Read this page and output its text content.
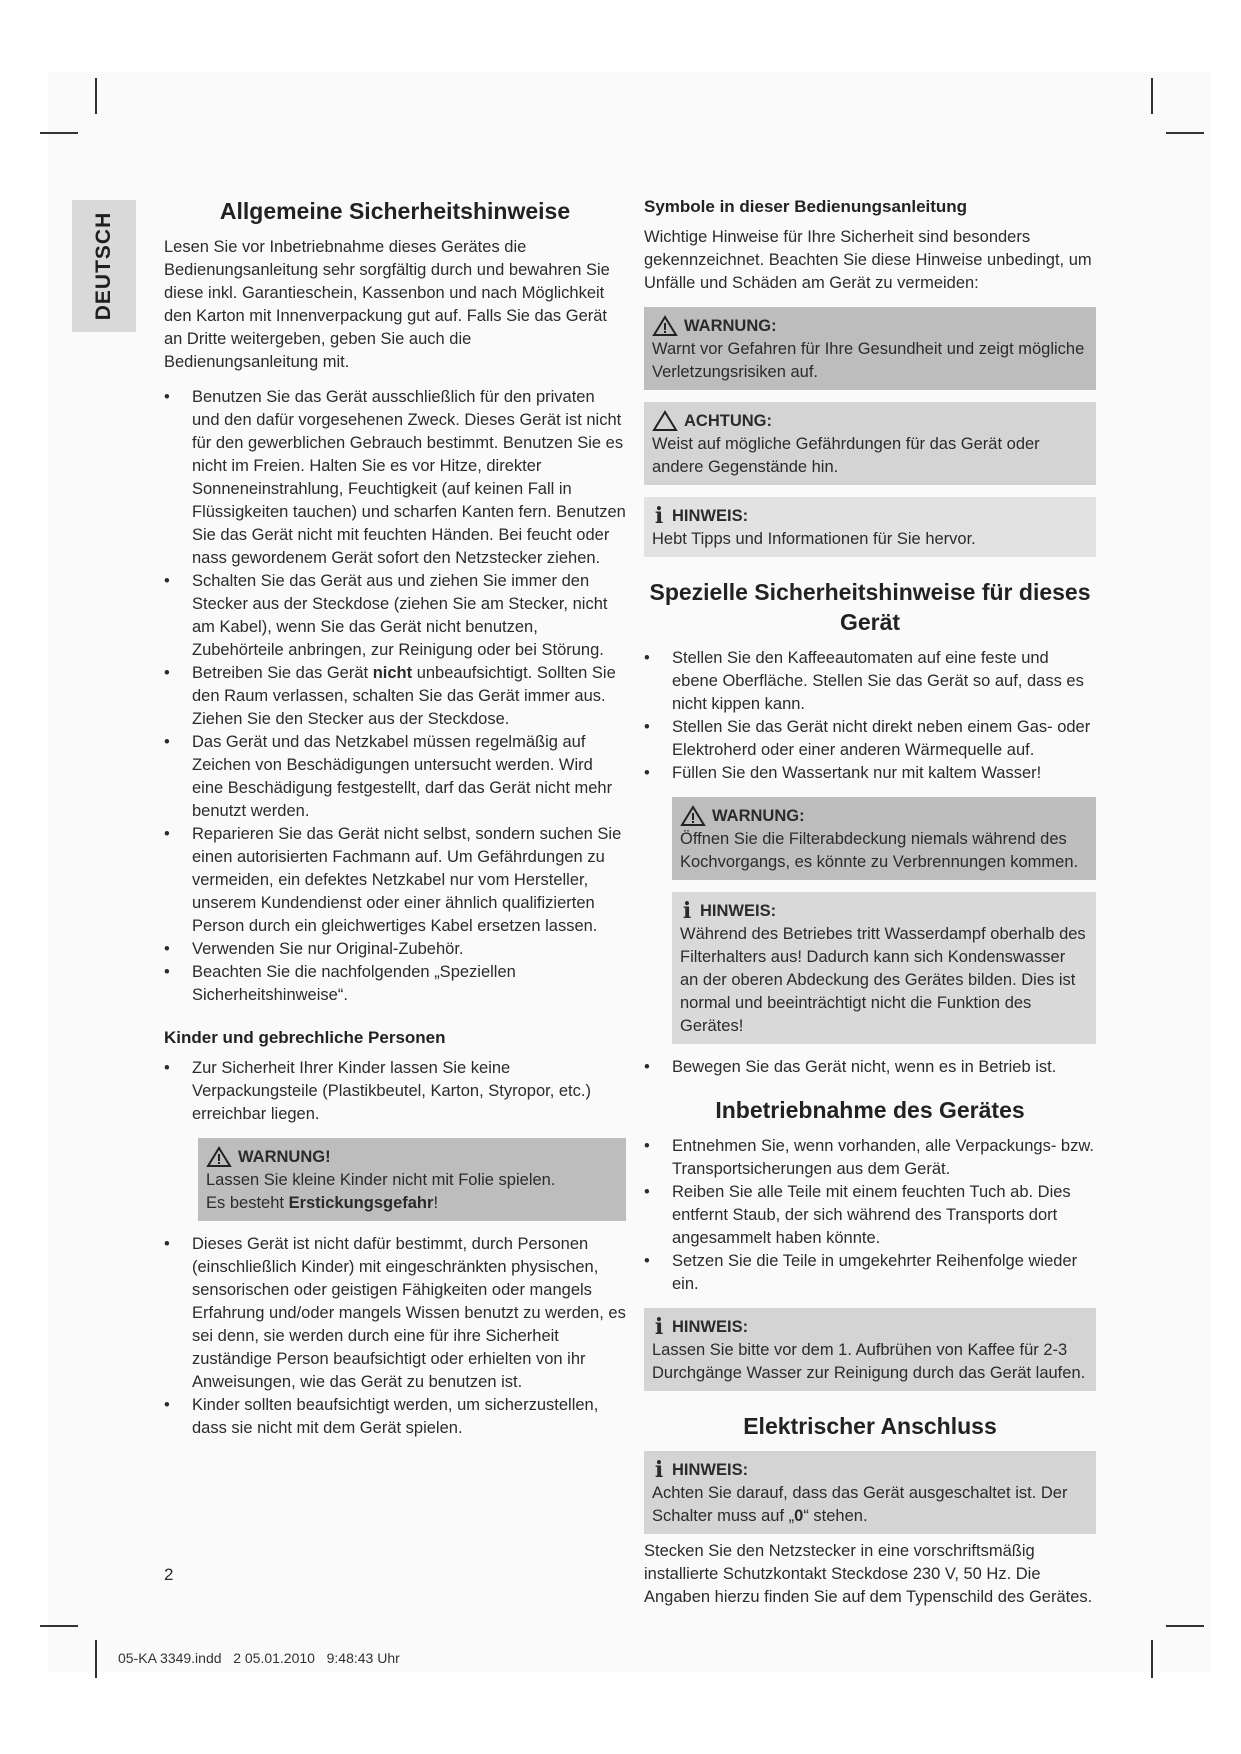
DEUTSCH
Allgemeine Sicherheitshinweise

Lesen Sie vor Inbetriebnahme dieses Gerätes die Bedienungsanleitung sehr sorgfältig durch und bewahren Sie diese inkl. Garantieschein, Kassenbon und nach Möglichkeit den Karton mit Innenverpackung gut auf. Falls Sie das Gerät an Dritte weitergeben, geben Sie auch die Bedienungsanleitung mit.

• Benutzen Sie das Gerät ausschließlich für den privaten und den dafür vorgesehenen Zweck. Dieses Gerät ist nicht für den gewerblichen Gebrauch bestimmt. Benutzen Sie es nicht im Freien. Halten Sie es vor Hitze, direkter Sonneneinstrahlung, Feuchtigkeit (auf keinen Fall in Flüssigkeiten tauchen) und scharfen Kanten fern. Benutzen Sie das Gerät nicht mit feuchten Händen. Bei feucht oder nass gewordenem Gerät sofort den Netzstecker ziehen.
• Schalten Sie das Gerät aus und ziehen Sie immer den Stecker aus der Steckdose (ziehen Sie am Stecker, nicht am Kabel), wenn Sie das Gerät nicht benutzen, Zubehörteile anbringen, zur Reinigung oder bei Störung.
• Betreiben Sie das Gerät nicht unbeaufsichtigt. Sollten Sie den Raum verlassen, schalten Sie das Gerät immer aus. Ziehen Sie den Stecker aus der Steckdose.
• Das Gerät und das Netzkabel müssen regelmäßig auf Zeichen von Beschädigungen untersucht werden. Wird eine Beschädigung festgestellt, darf das Gerät nicht mehr benutzt werden.
• Reparieren Sie das Gerät nicht selbst, sondern suchen Sie einen autorisierten Fachmann auf. Um Gefährdungen zu vermeiden, ein defektes Netzkabel nur vom Hersteller, unserem Kundendienst oder einer ähnlich qualifizierten Person durch ein gleichwertiges Kabel ersetzen lassen.
• Verwenden Sie nur Original-Zubehör.
• Beachten Sie die nachfolgenden „Speziellen Sicherheitshinweise“.
Kinder und gebrechliche Personen
• Zur Sicherheit Ihrer Kinder lassen Sie keine Verpackungsteile (Plastikbeutel, Karton, Styropor, etc.) erreichbar liegen.
WARNUNG!
Lassen Sie kleine Kinder nicht mit Folie spielen.
Es besteht Erstickungsgefahr!
• Dieses Gerät ist nicht dafür bestimmt, durch Personen (einschließlich Kinder) mit eingeschränkten physischen, sensorischen oder geistigen Fähigkeiten oder mangels Erfahrung und/oder mangels Wissen benutzt zu werden, es sei denn, sie werden durch eine für ihre Sicherheit zuständige Person beaufsichtigt oder erhielten von ihr Anweisungen, wie das Gerät zu benutzen ist.
• Kinder sollten beaufsichtigt werden, um sicherzustellen, dass sie nicht mit dem Gerät spielen.
Symbole in dieser Bedienungsanleitung

Wichtige Hinweise für Ihre Sicherheit sind besonders gekennzeichnet. Beachten Sie diese Hinweise unbedingt, um Unfälle und Schäden am Gerät zu vermeiden:

WARNUNG:
Warnt vor Gefahren für Ihre Gesundheit und zeigt mögliche Verletzungsrisiken auf.
ACHTUNG:
Weist auf mögliche Gefährdungen für das Gerät oder andere Gegenstände hin.
i HINWEIS:
Hebt Tipps und Informationen für Sie hervor.
Spezielle Sicherheitshinweise für dieses Gerät
• Stellen Sie den Kaffeeautomaten auf eine feste und ebene Oberfläche. Stellen Sie das Gerät so auf, dass es nicht kippen kann.
• Stellen Sie das Gerät nicht direkt neben einem Gas- oder Elektroherd oder einer anderen Wärmequelle auf.
• Füllen Sie den Wassertank nur mit kaltem Wasser!
WARNUNG:
Öffnen Sie die Filterabdeckung niemals während des Kochvorgangs, es könnte zu Verbrennungen kommen.
i HINWEIS:
Während des Betriebes tritt Wasserdampf oberhalb des Filterhalters aus! Dadurch kann sich Kondenswasser an der oberen Abdeckung des Gerätes bilden. Dies ist normal und beeinträchtigt nicht die Funktion des Gerätes!
• Bewegen Sie das Gerät nicht, wenn es in Betrieb ist.
Inbetriebnahme des Gerätes
• Entnehmen Sie, wenn vorhanden, alle Verpackungs- bzw. Transportsicherungen aus dem Gerät.
• Reiben Sie alle Teile mit einem feuchten Tuch ab. Dies entfernt Staub, der sich während des Transports dort angesammelt haben könnte.
• Setzen Sie die Teile in umgekehrter Reihenfolge wieder ein.
i HINWEIS:
Lassen Sie bitte vor dem 1. Aufbrühen von Kaffee für 2-3 Durchgänge Wasser zur Reinigung durch das Gerät laufen.
Elektrischer Anschluss
i HINWEIS:
Achten Sie darauf, dass das Gerät ausgeschaltet ist. Der Schalter muss auf „0“ stehen.

Stecken Sie den Netzstecker in eine vorschriftsmäßig installierte Schutzkontakt Steckdose 230 V, 50 Hz. Die Angaben hierzu finden Sie auf dem Typenschild des Gerätes.

2
05-KA 3349.indd   2 05.01.2010   9:48:43 Uhr
